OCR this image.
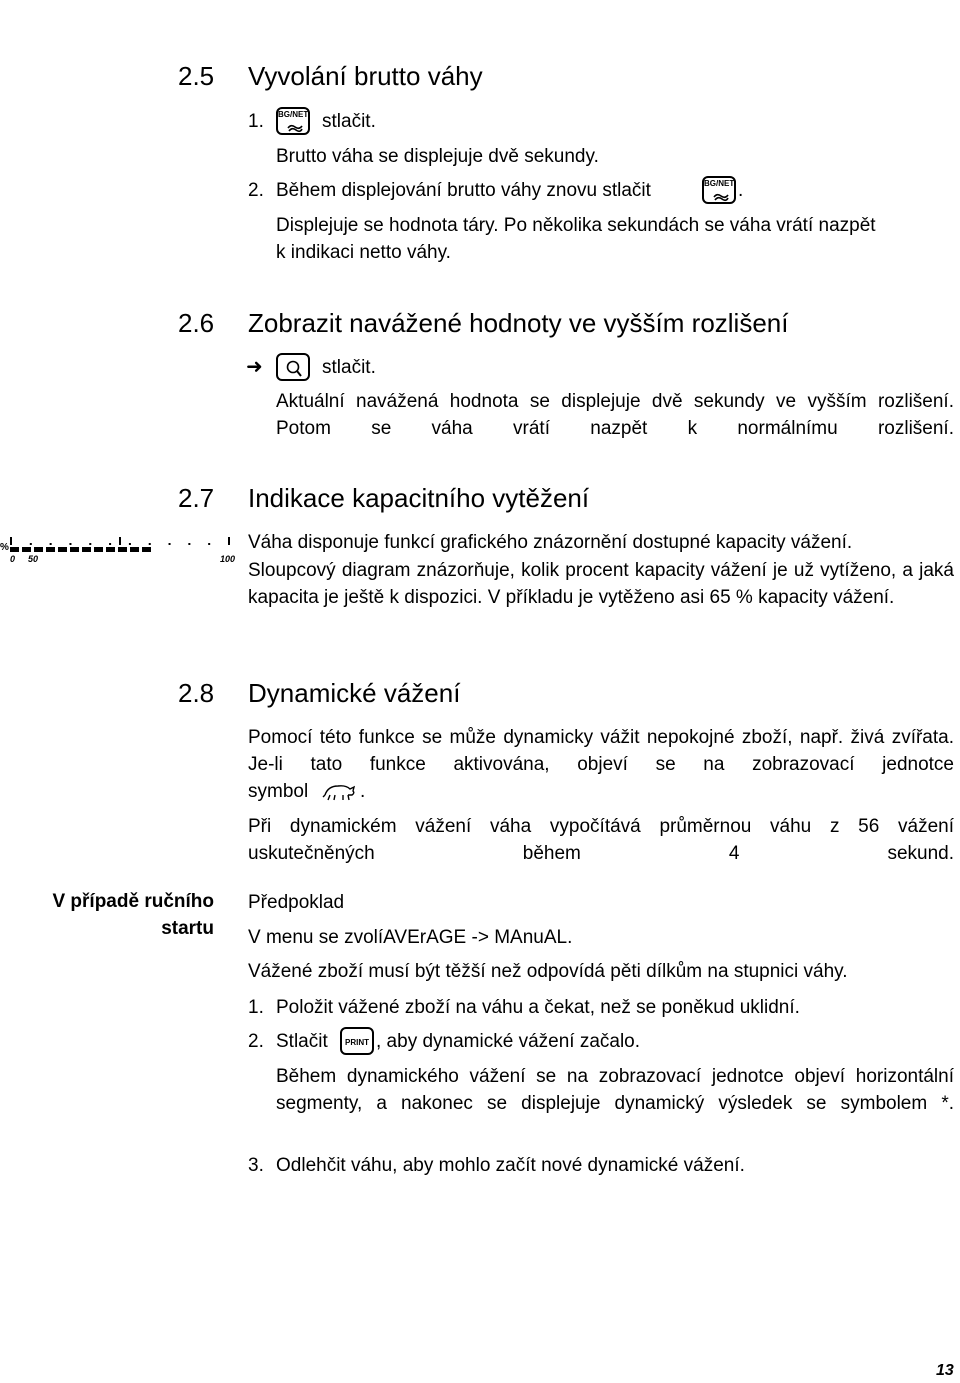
2.5 Vyvolání brutto váhy
1. BG/NET stlačit.
Brutto váha se displejuje dvě sekundy.
2. Během displejování brutto váhy znovu stlačit	BG/NET .
Displejuje se hodnota táry. Po několika sekundách se váha vrátí nazpět
k indikaci netto váhy.
2.6 Zobrazit navážené hodnoty ve vyšším rozlišení
➜	stlačit.
Aktuální navážená hodnota se displejuje dvě sekundy ve vyšším rozlišení. Potom se váha vrátí nazpět k normálnímu rozlišení.
2.7 Indikace kapacitního vytěžení
%
0 50	100
Váha disponuje funkcí grafického znázornění dostupné kapacity vážení.
Sloupcový diagram znázorňuje, kolik procent kapacity vážení je už vytíženo, a jaká kapacita je ještě k dispozici. V příkladu je vytěženo asi 65 % kapacity vážení.
2.8 Dynamické vážení
Pomocí této funkce se může dynamicky vážit nepokojné zboží, např. živá zvířata. Je-li tato funkce aktivována, objeví se na zobrazovací jednotce
symbol	.
Při dynamickém vážení váha vypočítává průměrnou váhu z 56 vážení uskutečněných během 4 sekund.
V případě ručního
startu
Předpoklad
V menu se zvolíAVErAGE -> MAnuAL.
Vážené zboží musí být těžší než odpovídá pěti dílkům na stupnici váhy.
1. Položit vážené zboží na váhu a čekat, než se poněkud uklidní.
2. Stlačit	PRINT , aby dynamické vážení začalo.
Během dynamického vážení se na zobrazovací jednotce objeví horizontální segmenty, a nakonec se displejuje dynamický výsledek se symbolem *.
3. Odlehčit váhu, aby mohlo začít nové dynamické vážení.
13
